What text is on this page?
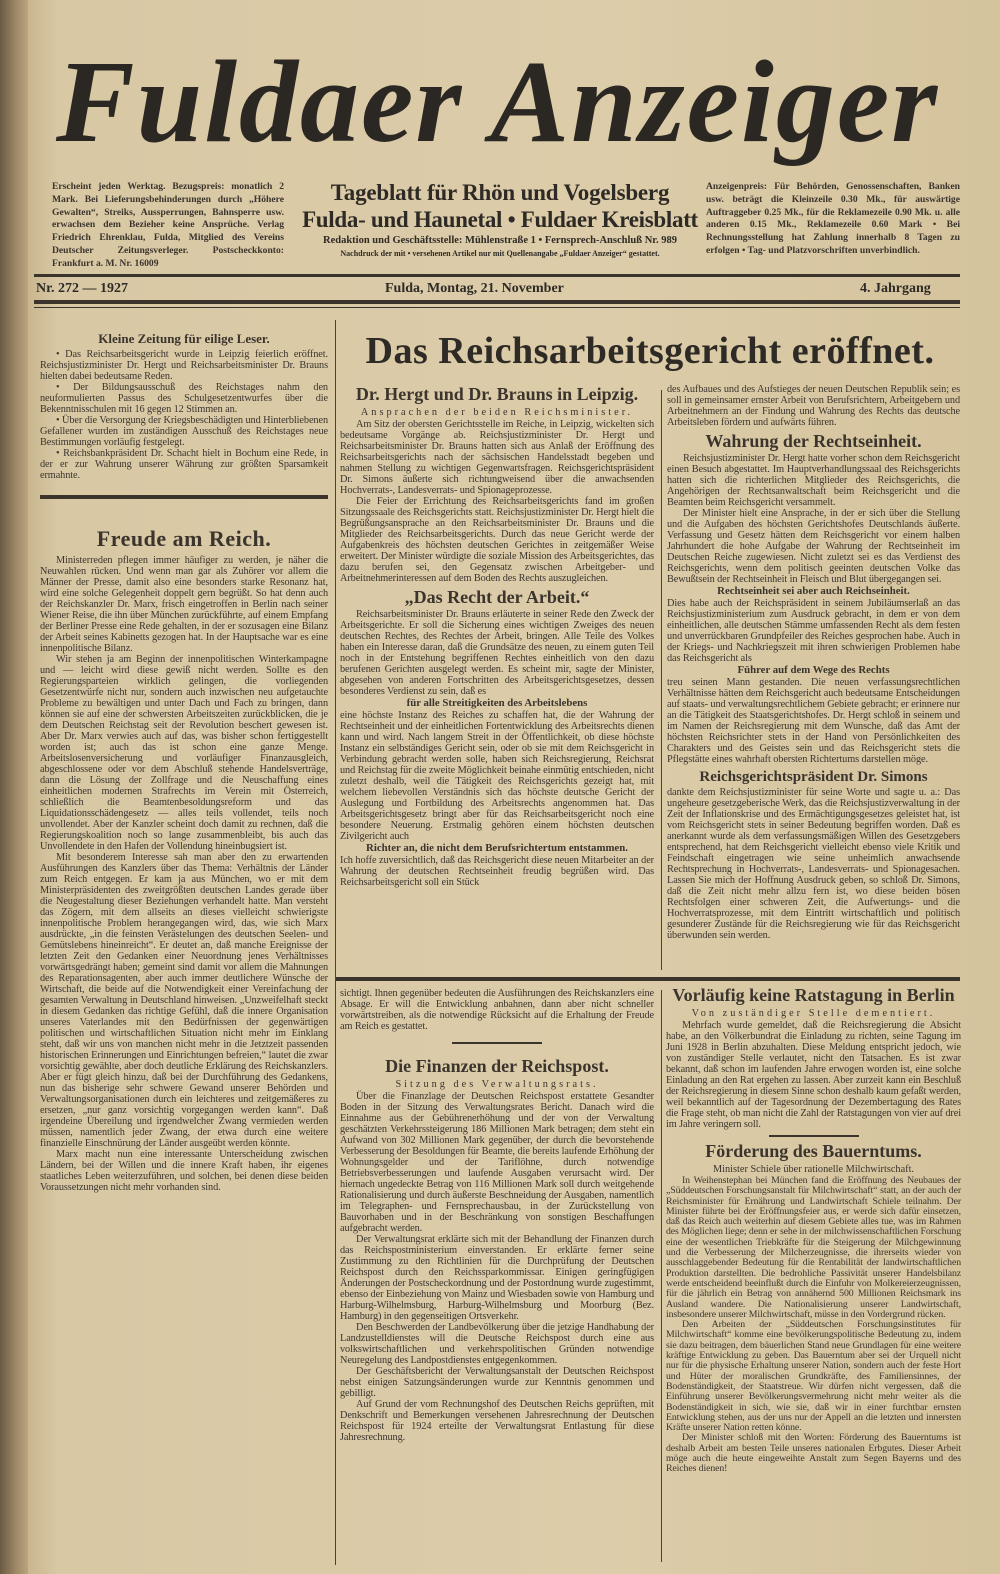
Fuldaer Anzeiger
Erscheint jeden Werktag. Bezugspreis: monatlich 2 Mark. Bei Lieferungsbehinderungen durch „Höhere Gewalten“, Streiks, Aussperrungen, Bahnsperre usw. erwachsen dem Bezieher keine Ansprüche. Verlag Friedrich Ehrenklau, Fulda, Mitglied des Vereins Deutscher Zeitungsverleger. Postscheckkonto: Frankfurt a. M. Nr. 16009
Tageblatt für Rhön und Vogelsberg
Fulda- und Haunetal • Fuldaer Kreisblatt
Redaktion und Geschäftsstelle: Mühlenstraße 1 • Fernsprech-Anschluß Nr. 989
Nachdruck der mit • versehenen Artikel nur mit Quellenangabe „Fuldaer Anzeiger“ gestattet.
Anzeigenpreis: Für Behörden, Genossenschaften, Banken usw. beträgt die Kleinzeile 0.30 Mk., für auswärtige Auftraggeber 0.25 Mk., für die Reklamezeile 0.90 Mk. u. alle anderen 0.15 Mk., Reklamezeile 0.60 Mark • Bei Rechnungsstellung hat Zahlung innerhalb 8 Tagen zu erfolgen • Tag- und Platzvorschriften unverbindlich.
Nr. 272 — 1927	Fulda, Montag, 21. November	4. Jahrgang
Kleine Zeitung für eilige Leser.

• Das Reichsarbeitsgericht wurde in Leipzig feierlich eröffnet. Reichsjustizminister Dr. Hergt und Reichsarbeitsminister Dr. Brauns hielten dabei bedeutsame Reden.

• Der Bildungsausschuß des Reichstages nahm den neuformulierten Passus des Schulgesetzentwurfes über die Bekenntnisschulen mit 16 gegen 12 Stimmen an.

• Über die Versorgung der Kriegsbeschädigten und Hinterbliebenen Gefallener wurden im zuständigen Ausschuß des Reichstages neue Bestimmungen vorläufig festgelegt.

• Reichsbankpräsident Dr. Schacht hielt in Bochum eine Rede, in der er zur Wahrung unserer Währung zur größten Sparsamkeit ermahnte.

Freude am Reich.

Ministerreden pflegen immer häufiger zu werden, je näher die Neuwahlen rücken. Und wenn man gar als Zuhörer vor allem die Männer der Presse, damit also eine besonders starke Resonanz hat, wird eine solche Gelegenheit doppelt gern begrüßt. So hat denn auch der Reichskanzler Dr. Marx, frisch eingetroffen in Berlin nach seiner Wiener Reise, die ihn über München zurückführte, auf einem Empfang der Berliner Presse eine Rede gehalten, in der er sozusagen eine Bilanz der Arbeit seines Kabinetts gezogen hat. In der Hauptsache war es eine innenpolitische Bilanz.

Wir stehen ja am Beginn der innenpolitischen Winterkampagne und — leicht wird diese gewiß nicht werden. Sollte es den Regierungsparteien wirklich gelingen, die vorliegenden Gesetzentwürfe nicht nur, sondern auch inzwischen neu aufgetauchte Probleme zu bewältigen und unter Dach und Fach zu bringen, dann können sie auf eine der schwersten Arbeitszeiten zurückblicken, die je dem Deutschen Reichstag seit der Revolution beschert gewesen ist. Aber Dr. Marx verwies auch auf das, was bisher schon fertiggestellt worden ist; auch das ist schon eine ganze Menge. Arbeitslosenversicherung und vorläufiger Finanzausgleich, abgeschlossene oder vor dem Abschluß stehende Handelsverträge, dann die Lösung der Zollfrage und die Neuschaffung eines einheitlichen modernen Strafrechts im Verein mit Österreich, schließlich die Beamtenbesoldungsreform und das Liquidationsschädengesetz — alles teils vollendet, teils noch unvollendet. Aber der Kanzler scheint doch damit zu rechnen, daß die Regierungskoalition noch so lange zusammenbleibt, bis auch das Unvollendete in den Hafen der Vollendung hineinbugsiert ist.

Mit besonderem Interesse sah man aber den zu erwartenden Ausführungen des Kanzlers über das Thema: Verhältnis der Länder zum Reich entgegen. Er kam ja aus München, wo er mit dem Ministerpräsidenten des zweitgrößten deutschen Landes gerade über die Neugestaltung dieser Beziehungen verhandelt hatte. Man versteht das Zögern, mit dem allseits an dieses vielleicht schwierigste innenpolitische Problem herangegangen wird, das, wie sich Marx ausdrückte, „in die feinsten Verästelungen des deutschen Seelen- und Gemütslebens hineinreicht“. Er deutet an, daß manche Ereignisse der letzten Zeit den Gedanken einer Neuordnung jenes Verhältnisses vorwärtsgedrängt haben; gemeint sind damit vor allem die Mahnungen des Reparationsagenten, aber auch immer deutlichere Wünsche der Wirtschaft, die beide auf die Notwendigkeit einer Vereinfachung der gesamten Verwaltung in Deutschland hinweisen. „Unzweifelhaft steckt in diesem Gedanken das richtige Gefühl, daß die innere Organisation unseres Vaterlandes mit den Bedürfnissen der gegenwärtigen politischen und wirtschaftlichen Situation nicht mehr im Einklang steht, daß wir uns von manchen nicht mehr in die Jetztzeit passenden historischen Erinnerungen und Einrichtungen befreien,“ lautet die zwar vorsichtig gewählte, aber doch deutliche Erklärung des Reichskanzlers. Aber er fügt gleich hinzu, daß bei der Durchführung des Gedankens, nun das bisherige sehr schwere Gewand unserer Behörden und Verwaltungsorganisationen durch ein leichteres und zeitgemäßeres zu ersetzen, „nur ganz vorsichtig vorgegangen werden kann“. Daß irgendeine Übereilung und irgendwelcher Zwang vermieden werden müssen, namentlich jeder Zwang, der etwa durch eine weitere finanzielle Einschnürung der Länder ausgeübt werden könnte.

Marx macht nun eine interessante Unterscheidung zwischen Ländern, bei der Willen und die innere Kraft haben, ihr eigenes staatliches Leben weiterzuführen, und solchen, bei denen diese beiden Voraussetzungen nicht mehr vorhanden sind.

Das Reichsarbeitsgericht eröffnet.
Dr. Hergt und Dr. Brauns in Leipzig.
Ansprachen der beiden Reichsminister.

Am Sitz der obersten Gerichtsstelle im Reiche, in Leipzig, wickelten sich bedeutsame Vorgänge ab. Reichsjustizminister Dr. Hergt und Reichsarbeitsminister Dr. Brauns hatten sich aus Anlaß der Eröffnung des Reichsarbeitsgerichts nach der sächsischen Handelsstadt begeben und nahmen Stellung zu wichtigen Gegenwartsfragen. Reichsgerichtspräsident Dr. Simons äußerte sich richtungweisend über die anwachsenden Hochverrats-, Landesverrats- und Spionageprozesse.

Die Feier der Errichtung des Reichsarbeitsgerichts fand im großen Sitzungssaale des Reichsgerichts statt. Reichsjustizminister Dr. Hergt hielt die Begrüßungsansprache an den Reichsarbeitsminister Dr. Brauns und die Mitglieder des Reichsarbeitsgerichts. Durch das neue Gericht werde der Aufgabenkreis des höchsten deutschen Gerichtes in zeitgemäßer Weise erweitert. Der Minister würdigte die soziale Mission des Arbeitsgerichtes, das dazu berufen sei, den Gegensatz zwischen Arbeitgeber- und Arbeitnehmerinteressen auf dem Boden des Rechts auszugleichen.

„Das Recht der Arbeit.“

Reichsarbeitsminister Dr. Brauns erläuterte in seiner Rede den Zweck der Arbeitsgerichte. Er soll die Sicherung eines wichtigen Zweiges des neuen deutschen Rechtes, des Rechtes der Arbeit, bringen. Alle Teile des Volkes haben ein Interesse daran, daß die Grundsätze des neuen, zu einem guten Teil noch in der Entstehung begriffenen Rechtes einheitlich von den dazu berufenen Gerichten ausgelegt werden. Es scheint mir, sagte der Minister, abgesehen von anderen Fortschritten des Arbeitsgerichtsgesetzes, dessen besonderes Verdienst zu sein, daß es

für alle Streitigkeiten des Arbeitslebens

eine höchste Instanz des Reiches zu schaffen hat, die der Wahrung der Rechtseinheit und der einheitlichen Fortentwicklung des Arbeitsrechts dienen kann und wird. Nach langem Streit in der Öffentlichkeit, ob diese höchste Instanz ein selbständiges Gericht sein, oder ob sie mit dem Reichsgericht in Verbindung gebracht werden solle, haben sich Reichsregierung, Reichsrat und Reichstag für die zweite Möglichkeit beinahe einmütig entschieden, nicht zuletzt deshalb, weil die Tätigkeit des Reichsgerichts gezeigt hat, mit welchem liebevollen Verständnis sich das höchste deutsche Gericht der Auslegung und Fortbildung des Arbeitsrechts angenommen hat. Das Arbeitsgerichtsgesetz bringt aber für das Reichsarbeitsgericht noch eine besondere Neuerung. Erstmalig gehören einem höchsten deutschen Zivilgericht auch

Richter an, die nicht dem Berufsrichtertum entstammen.

Ich hoffe zuversichtlich, daß das Reichsgericht diese neuen Mitarbeiter an der Wahrung der deutschen Rechtseinheit freudig begrüßen wird. Das Reichsarbeitsgericht soll ein Stück

des Aufbaues und des Aufstieges der neuen Deutschen Republik sein; es soll in gemeinsamer ernster Arbeit von Berufsrichtern, Arbeitgebern und Arbeitnehmern an der Findung und Wahrung des Rechts das deutsche Arbeitsleben fördern und aufwärts führen.

Wahrung der Rechtseinheit.

Reichsjustizminister Dr. Hergt hatte vorher schon dem Reichsgericht einen Besuch abgestattet. Im Hauptverhandlungssaal des Reichsgerichts hatten sich die richterlichen Mitglieder des Reichsgerichts, die Angehörigen der Rechtsanwaltschaft beim Reichsgericht und die Beamten beim Reichsgericht versammelt.

Der Minister hielt eine Ansprache, in der er sich über die Stellung und die Aufgaben des höchsten Gerichtshofes Deutschlands äußerte. Verfassung und Gesetz hätten dem Reichsgericht vor einem halben Jahrhundert die hohe Aufgabe der Wahrung der Rechtseinheit im Deutschen Reiche zugewiesen. Nicht zuletzt sei es das Verdienst des Reichsgerichts, wenn dem politisch geeinten deutschen Volke das Bewußtsein der Rechtseinheit in Fleisch und Blut übergegangen sei.

Rechtseinheit sei aber auch Reichseinheit.

Dies habe auch der Reichspräsident in seinem Jubiläumserlaß an das Reichsjustizministerium zum Ausdruck gebracht, in dem er von dem einheitlichen, alle deutschen Stämme umfassenden Recht als dem festen und unverrückbaren Grundpfeiler des Reiches gesprochen habe. Auch in der Kriegs- und Nachkriegszeit mit ihren schwierigen Problemen habe das Reichsgericht als

Führer auf dem Wege des Rechts

treu seinen Mann gestanden. Die neuen verfassungsrechtlichen Verhältnisse hätten dem Reichsgericht auch bedeutsame Entscheidungen auf staats- und verwaltungsrechtlichem Gebiete gebracht; er erinnere nur an die Tätigkeit des Staatsgerichtshofes. Dr. Hergt schloß in seinem und im Namen der Reichsregierung mit dem Wunsche, daß das Amt der höchsten Reichsrichter stets in der Hand von Persönlichkeiten des Charakters und des Geistes sein und das Reichsgericht stets die Pflegstätte eines wahrhaft obersten Richtertums darstellen möge.

Reichsgerichtspräsident Dr. Simons

dankte dem Reichsjustizminister für seine Worte und sagte u. a.: Das ungeheure gesetzgeberische Werk, das die Reichsjustizverwaltung in der Zeit der Inflationskrise und des Ermächtigungsgesetzes geleistet hat, ist vom Reichsgericht stets in seiner Bedeutung begriffen worden. Daß es anerkannt wurde als dem verfassungsmäßigen Willen des Gesetzgebers entsprechend, hat dem Reichsgericht vielleicht ebenso viele Kritik und Feindschaft eingetragen wie seine unheimlich anwachsende Rechtsprechung in Hochverrats-, Landesverrats- und Spionagesachen. Lassen Sie mich der Hoffnung Ausdruck geben, so schloß Dr. Simons, daß die Zeit nicht mehr allzu fern ist, wo diese beiden bösen Rechtsfolgen einer schweren Zeit, die Aufwertungs- und die Hochverratsprozesse, mit dem Eintritt wirtschaftlich und politisch gesunderer Zustände für die Reichsregierung wie für das Reichsgericht überwunden sein werden.

sichtigt. Ihnen gegenüber bedeuten die Ausführungen des Reichskanzlers eine Absage. Er will die Entwicklung anbahnen, dann aber nicht schneller vorwärtstreiben, als die notwendige Rücksicht auf die Erhaltung der Freude am Reich es gestattet.

Die Finanzen der Reichspost.
Sitzung des Verwaltungsrats.

Über die Finanzlage der Deutschen Reichspost erstattete Gesandter Boden in der Sitzung des Verwaltungsrates Bericht. Danach wird die Einnahme aus der Gebührenerhöhung und der von der Verwaltung geschätzten Verkehrssteigerung 186 Millionen Mark betragen; dem steht ein Aufwand von 302 Millionen Mark gegenüber, der durch die bevorstehende Verbesserung der Besoldungen für Beamte, die bereits laufende Erhöhung der Wohnungsgelder und der Tariflöhne, durch notwendige Betriebsverbesserungen und laufende Ausgaben verursacht wird. Der hiernach ungedeckte Betrag von 116 Millionen Mark soll durch weitgehende Rationalisierung und durch äußerste Beschneidung der Ausgaben, namentlich im Telegraphen- und Fernsprechausbau, in der Zurückstellung von Bauvorhaben und in der Beschränkung von sonstigen Beschaffungen aufgebracht werden.

Der Verwaltungsrat erklärte sich mit der Behandlung der Finanzen durch das Reichspostministerium einverstanden. Er erklärte ferner seine Zustimmung zu den Richtlinien für die Durchprüfung der Deutschen Reichspost durch den Reichssparkommissar. Einigen geringfügigen Änderungen der Postscheckordnung und der Postordnung wurde zugestimmt, ebenso der Einbeziehung von Mainz und Wiesbaden sowie von Hamburg und Harburg-Wilhelmsburg, Harburg-Wilhelmsburg und Moorburg (Bez. Hamburg) in den gegenseitigen Ortsverkehr.

Den Beschwerden der Landbevölkerung über die jetzige Handhabung der Landzustelldienstes will die Deutsche Reichspost durch eine aus volkswirtschaftlichen und verkehrspolitischen Gründen notwendige Neuregelung des Landpostdienstes entgegenkommen.

Der Geschäftsbericht der Verwaltungsanstalt der Deutschen Reichspost nebst einigen Satzungsänderungen wurde zur Kenntnis genommen und gebilligt.

Auf Grund der vom Rechnungshof des Deutschen Reichs geprüften, mit Denkschrift und Bemerkungen versehenen Jahresrechnung der Deutschen Reichspost für 1924 erteilte der Verwaltungsrat Entlastung für diese Jahresrechnung.

Vorläufig keine Ratstagung in Berlin
Von zuständiger Stelle dementiert.

Mehrfach wurde gemeldet, daß die Reichsregierung die Absicht habe, an den Völkerbundrat die Einladung zu richten, seine Tagung im Juni 1928 in Berlin abzuhalten. Diese Meldung entspricht jedoch, wie von zuständiger Stelle verlautet, nicht den Tatsachen. Es ist zwar bekannt, daß schon im laufenden Jahre erwogen worden ist, eine solche Einladung an den Rat ergehen zu lassen. Aber zurzeit kann ein Beschluß der Reichsregierung in diesem Sinne schon deshalb kaum gefaßt werden, weil bekanntlich auf der Tagesordnung der Dezembertagung des Rates die Frage steht, ob man nicht die Zahl der Ratstagungen von vier auf drei im Jahre veringern soll.

Förderung des Bauerntums.
Minister Schiele über rationelle Milchwirtschaft.

In Weihenstephan bei München fand die Eröffnung des Neubaues der „Süddeutschen Forschungsanstalt für Milchwirtschaft“ statt, an der auch der Reichsminister für Ernährung und Landwirtschaft Schiele teilnahm. Der Minister führte bei der Eröffnungsfeier aus, er werde sich dafür einsetzen, daß das Reich auch weiterhin auf diesem Gebiete alles tue, was im Rahmen des Möglichen liege; denn er sehe in der milchwissenschaftlichen Forschung eine der wesentlichen Triebkräfte für die Steigerung der Milchgewinnung und die Verbesserung der Milcherzeugnisse, die ihrerseits wieder von ausschlaggebender Bedeutung für die Rentabilität der landwirtschaftlichen Produktion darstellten. Die bedrohliche Passivität unserer Handelsbilanz werde entscheidend beeinflußt durch die Einfuhr von Molkereierzeugnissen, für die jährlich ein Betrag von annähernd 500 Millionen Reichsmark ins Ausland wandere. Die Nationalisierung unserer Landwirtschaft, insbesondere unserer Milchwirtschaft, müsse in den Vordergrund rücken.

Den Arbeiten der „Süddeutschen Forschungsinstitutes für Milchwirtschaft“ komme eine bevölkerungspolitische Bedeutung zu, indem sie dazu beitragen, dem bäuerlichen Stand neue Grundlagen für eine weitere kräftige Entwicklung zu geben. Das Bauerntum aber sei der Urquell nicht nur für die physische Erhaltung unserer Nation, sondern auch der feste Hort und Hüter der moralischen Grundkräfte, des Familiensinnes, der Bodenständigkeit, der Staatstreue. Wir dürfen nicht vergessen, daß die Einführung unserer Bevölkerungsvermehrung nicht mehr weiter als die Bodenständigkeit in sich, wie sie, daß wir in einer furchtbar ernsten Entwicklung stehen, aus der uns nur der Appell an die letzten und innersten Kräfte unserer Nation retten könne.

Der Minister schloß mit den Worten: Förderung des Bauerntums ist deshalb Arbeit am besten Teile unseres nationalen Erbgutes. Dieser Arbeit möge auch die heute eingeweihte Anstalt zum Segen Bayerns und des Reiches dienen!
